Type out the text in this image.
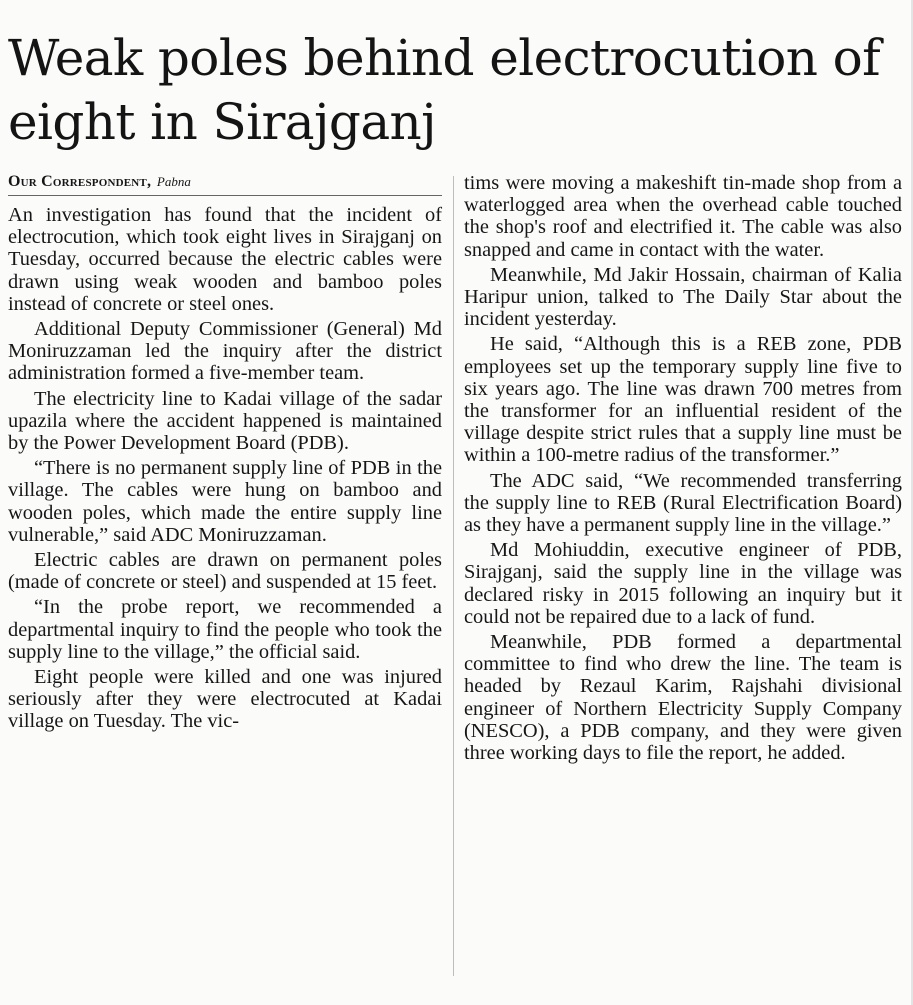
Weak poles behind electrocution of eight in Sirajganj

Our Correspondent, Pabna

An investigation has found that the incident of electrocution, which took eight lives in Sirajganj on Tuesday, occurred because the electric cables were drawn using weak wooden and bamboo poles instead of concrete or steel ones.

Additional Deputy Commissioner (General) Md Moniruzzaman led the inquiry after the district administration formed a five-member team.

The electricity line to Kadai village of the sadar upazila where the accident happened is maintained by the Power Development Board (PDB).

“There is no permanent supply line of PDB in the village. The cables were hung on bamboo and wooden poles, which made the entire supply line vulnerable,” said ADC Moniruzzaman.

Electric cables are drawn on permanent poles (made of concrete or steel) and suspended at 15 feet.

“In the probe report, we recommended a departmental inquiry to find the people who took the supply line to the village,” the official said.

Eight people were killed and one was injured seriously after they were electrocuted at Kadai village on Tuesday. The vic-

tims were moving a makeshift tin-made shop from a waterlogged area when the overhead cable touched the shop's roof and electrified it. The cable was also snapped and came in contact with the water.

Meanwhile, Md Jakir Hossain, chairman of Kalia Haripur union, talked to The Daily Star about the incident yesterday.

He said, “Although this is a REB zone, PDB employees set up the temporary supply line five to six years ago. The line was drawn 700 metres from the transformer for an influential resident of the village despite strict rules that a supply line must be within a 100-metre radius of the transformer.”

The ADC said, “We recommended transferring the supply line to REB (Rural Electrification Board) as they have a permanent supply line in the village.”

Md Mohiuddin, executive engineer of PDB, Sirajganj, said the supply line in the village was declared risky in 2015 following an inquiry but it could not be repaired due to a lack of fund.

Meanwhile, PDB formed a departmental committee to find who drew the line. The team is headed by Rezaul Karim, Rajshahi divisional engineer of Northern Electricity Supply Company (NESCO), a PDB company, and they were given three working days to file the report, he added.
